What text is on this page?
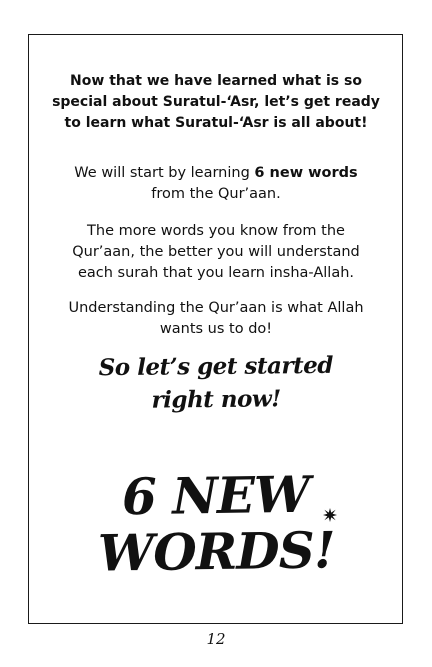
Now that we have learned what is so
special about Suratul-‘Asr, let’s get ready
to learn what Suratul-‘Asr is all about!
We will start by learning 6 new words
from the Qur’aan.
The more words you know from the
Qur’aan, the better you will understand
each surah that you learn insha-Allah.
Understanding the Qur’aan is what Allah
wants us to do!
So let’s get started
right now!
6 NEW WORDS!
12
